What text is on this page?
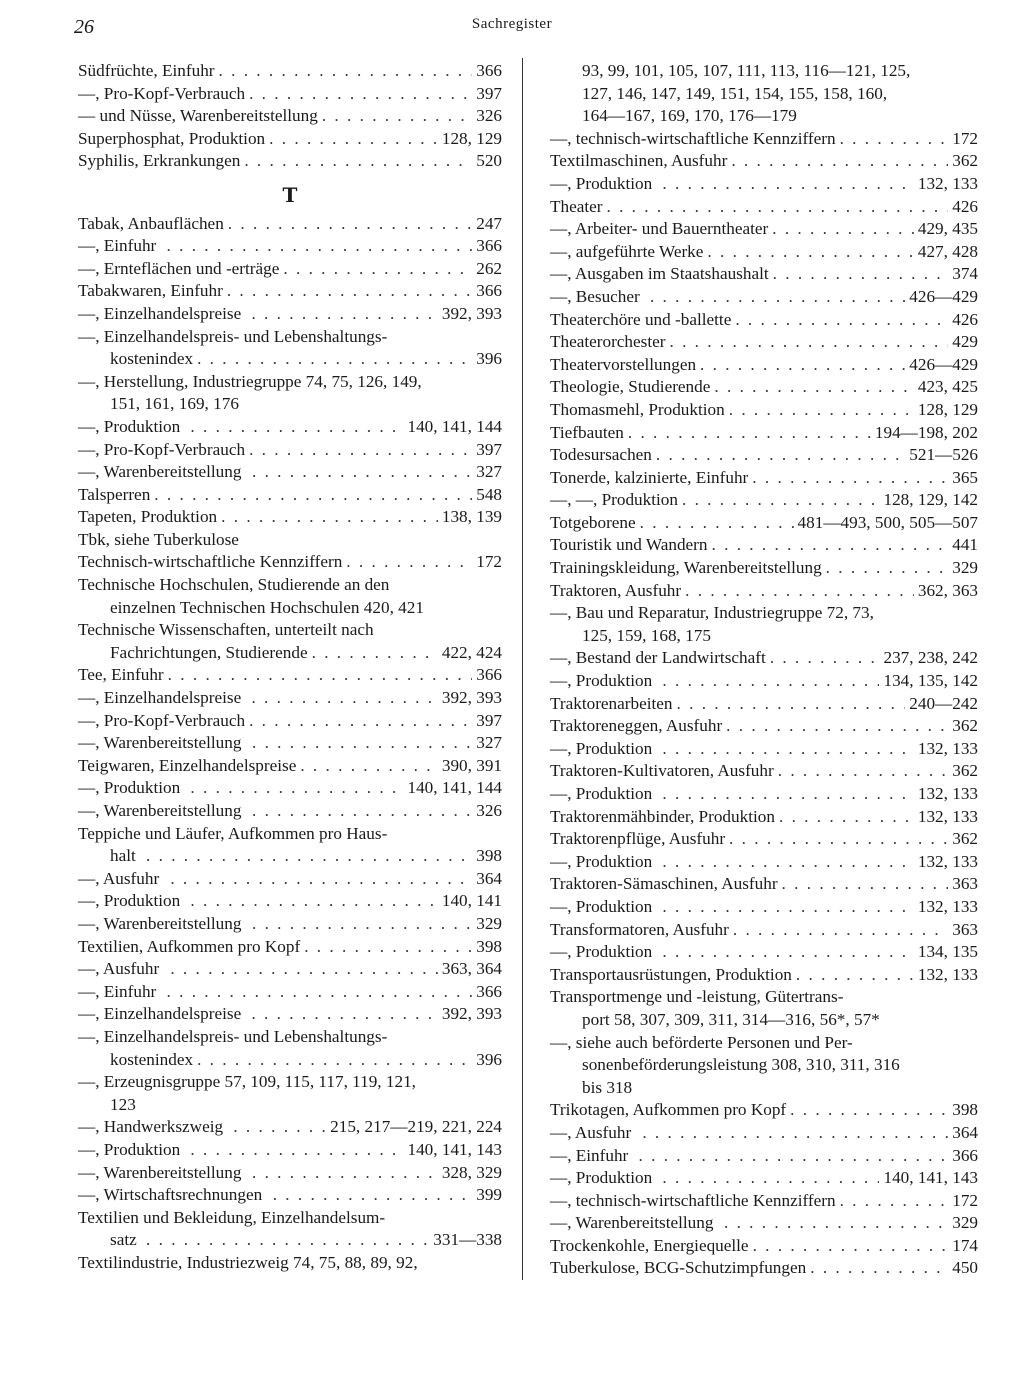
26	Sachregister
Südfrüchte, Einfuhr . . .	366
—, Pro-Kopf-Verbrauch . . .	397
— und Nüsse, Warenbereitstellung . . .	326
Superphosphat, Produktion . . .	128, 129
Syphilis, Erkrankungen . . .	520
T
Tabak, Anbauflächen . . .	247
—, Einfuhr . . .	366
—, Ernteflächen und -erträge . . .	262
Tabakwaren, Einfuhr . . .	366
—, Einzelhandelspreise . . .	392, 393
—, Einzelhandelspreis- und Lebenshaltungs-
kostenindex . . .	396
—, Herstellung, Industriegruppe 74, 75, 126, 149,
151, 161, 169, 176
—, Produktion . . .	140, 141, 144
—, Pro-Kopf-Verbrauch . . .	397
—, Warenbereitstellung . . .	327
Talsperren . . .	548
Tapeten, Produktion . . .	138, 139
Tbk, siehe Tuberkulose
Technisch-wirtschaftliche Kennziffern . . .	172
Technische Hochschulen, Studierende an den
einzelnen Technischen Hochschulen 420, 421
Technische Wissenschaften, unterteilt nach
Fachrichtungen, Studierende . . .	422, 424
Tee, Einfuhr . . .	366
—, Einzelhandelspreise . . .	392, 393
—, Pro-Kopf-Verbrauch . . .	397
—, Warenbereitstellung . . .	327
Teigwaren, Einzelhandelspreise . . .	390, 391
—, Produktion . . .	140, 141, 144
—, Warenbereitstellung . . .	326
Teppiche und Läufer, Aufkommen pro Haus-
halt . . .	398
—, Ausfuhr . . .	364
—, Produktion . . .	140, 141
—, Warenbereitstellung . . .	329
Textilien, Aufkommen pro Kopf . . .	398
—, Ausfuhr . . .	363, 364
—, Einfuhr . . .	366
—, Einzelhandelspreise . . .	392, 393
—, Einzelhandelspreis- und Lebenshaltungs-
kostenindex . . .	396
—, Erzeugnisgruppe 57, 109, 115, 117, 119, 121,
123
—, Handwerkszweig . . .	215, 217—219, 221, 224
—, Produktion . . .	140, 141, 143
—, Warenbereitstellung . . .	328, 329
—, Wirtschaftsrechnungen . . .	399
Textilien und Bekleidung, Einzelhandelsum-
satz . . .	331—338
Textilindustrie, Industriezweig 74, 75, 88, 89, 92,
93, 99, 101, 105, 107, 111, 113, 116—121, 125,
127, 146, 147, 149, 151, 154, 155, 158, 160,
164—167, 169, 170, 176—179
—, technisch-wirtschaftliche Kennziffern . . .	172
Textilmaschinen, Ausfuhr . . .	362
—, Produktion . . .	132, 133
Theater . . .	426
—, Arbeiter- und Bauerntheater . . .	429, 435
—, aufgeführte Werke . . .	427, 428
—, Ausgaben im Staatshaushalt . . .	374
—, Besucher . . .	426—429
Theaterchöre und -ballette . . .	426
Theaterorchester . . .	429
Theatervorstellungen . . .	426—429
Theologie, Studierende . . .	423, 425
Thomasmehl, Produktion . . .	128, 129
Tiefbauten . . .	194—198, 202
Todesursachen . . .	521—526
Tonerde, kalzinierte, Einfuhr . . .	365
—, —, Produktion . . .	128, 129, 142
Totgeborene . . .	481—493, 500, 505—507
Touristik und Wandern . . .	441
Trainingskleidung, Warenbereitstellung . . .	329
Traktoren, Ausfuhr . . .	362, 363
—, Bau und Reparatur, Industriegruppe 72, 73,
125, 159, 168, 175
—, Bestand der Landwirtschaft . . .	237, 238, 242
—, Produktion . . .	134, 135, 142
Traktorenarbeiten . . .	240—242
Traktoreneggen, Ausfuhr . . .	362
—, Produktion . . .	132, 133
Traktoren-Kultivatoren, Ausfuhr . . .	362
—, Produktion . . .	132, 133
Traktorenmähbinder, Produktion . . .	132, 133
Traktorenpflüge, Ausfuhr . . .	362
—, Produktion . . .	132, 133
Traktoren-Sämaschinen, Ausfuhr . . .	363
—, Produktion . . .	132, 133
Transformatoren, Ausfuhr . . .	363
—, Produktion . . .	134, 135
Transportausrüstungen, Produktion . . .	132, 133
Transportmenge und -leistung, Gütertrans-
port 58, 307, 309, 311, 314—316, 56*, 57*
—, siehe auch beförderte Personen und Per-
sonenbeförderungsleistung 308, 310, 311, 316
bis 318
Trikotagen, Aufkommen pro Kopf . . .	398
—, Ausfuhr . . .	364
—, Einfuhr . . .	366
—, Produktion . . .	140, 141, 143
—, technisch-wirtschaftliche Kennziffern . . .	172
—, Warenbereitstellung . . .	329
Trockenkohle, Energiequelle . . .	174
Tuberkulose, BCG-Schutzimpfungen . . .	450
